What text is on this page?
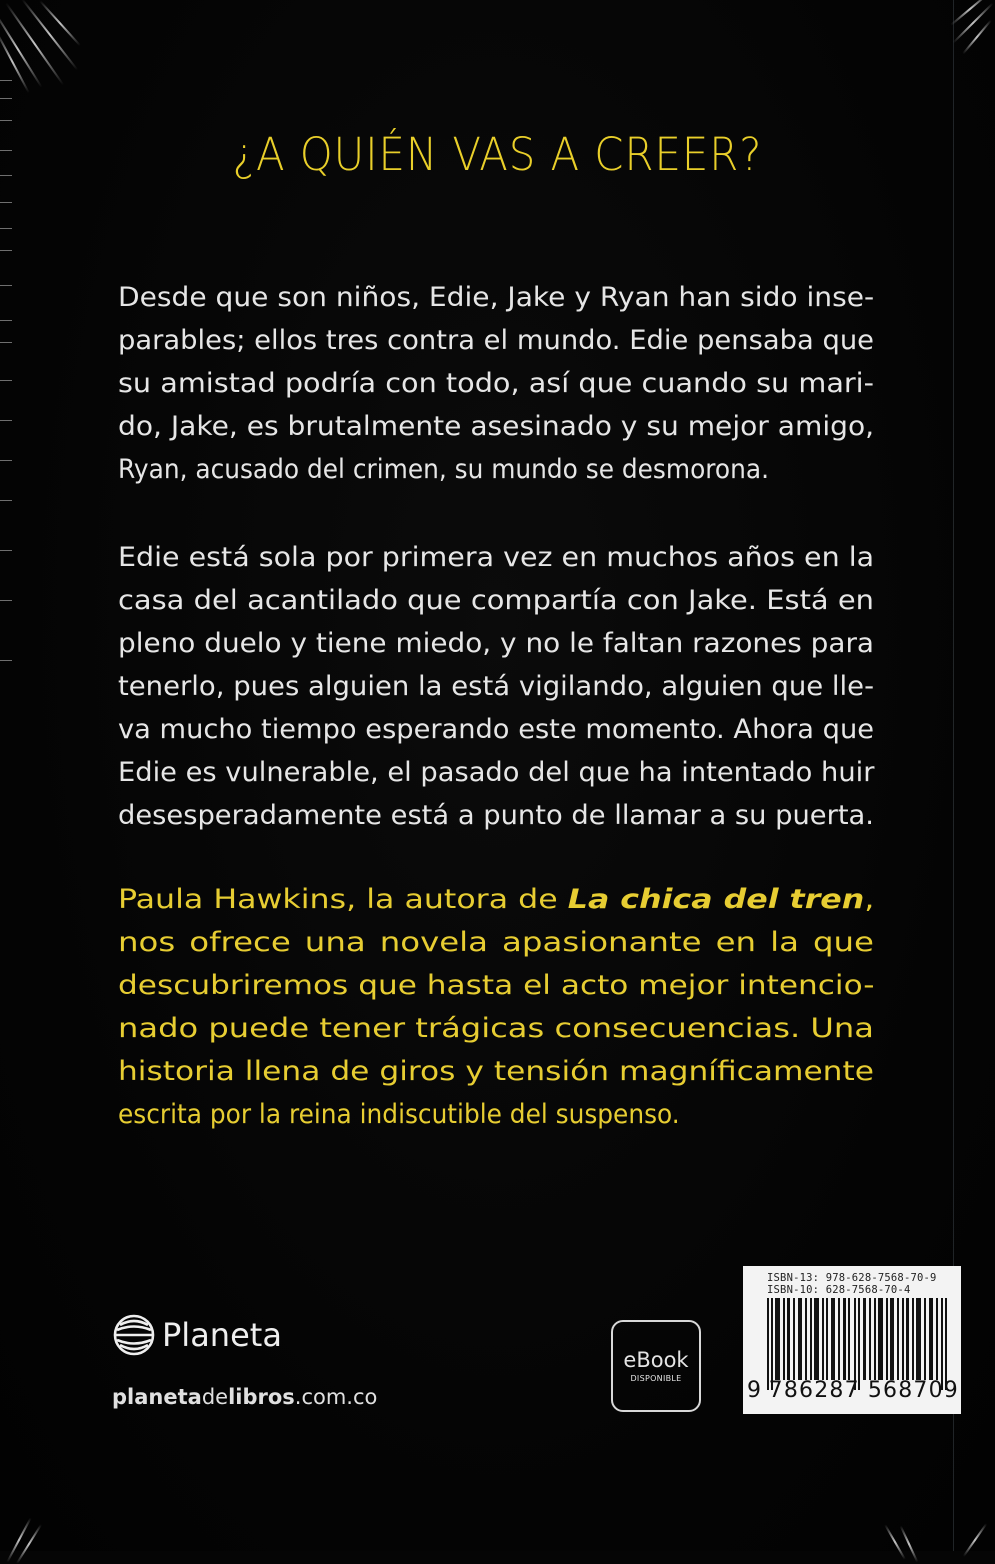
¿A QUIÉN VAS A CREER?
Desde que son niños, Edie, Jake y Ryan han sido inse-
parables; ellos tres contra el mundo. Edie pensaba que
su amistad podría con todo, así que cuando su mari-
do, Jake, es brutalmente asesinado y su mejor amigo,
Ryan, acusado del crimen, su mundo se desmorona.
Edie está sola por primera vez en muchos años en la
casa del acantilado que compartía con Jake. Está en
pleno duelo y tiene miedo, y no le faltan razones para
tenerlo, pues alguien la está vigilando, alguien que lle-
va mucho tiempo esperando este momento. Ahora que
Edie es vulnerable, el pasado del que ha intentado huir
desesperadamente está a punto de llamar a su puerta.
Paula Hawkins, la autora de La chica del tren,
nos ofrece una novela apasionante en la que
descubriremos que hasta el acto mejor intencio-
nado puede tener trágicas consecuencias. Una
historia llena de giros y tensión magníficamente
escrita por la reina indiscutible del suspenso.
Planeta
planetadelibros.com.co
eBook
DISPONIBLE
ISBN-13: 978-628-7568-70-9
ISBN-10: 628-7568-70-4
9 786287 568709
